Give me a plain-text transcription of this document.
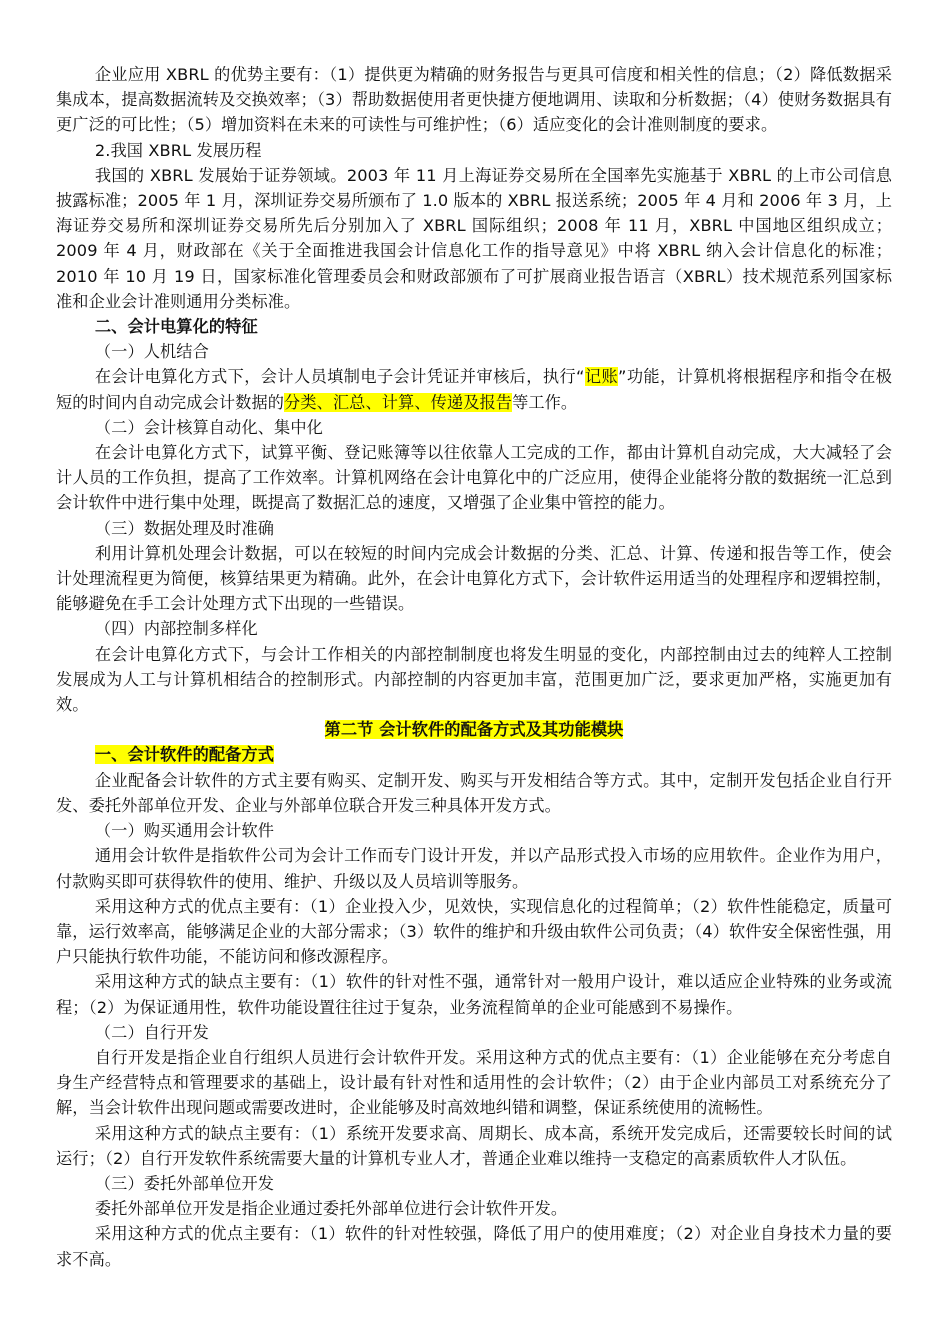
企业应用 XBRL 的优势主要有：（1）提供更为精确的财务报告与更具可信度和相关性的信息；（2）降低数据采集成本，提高数据流转及交换效率；（3）帮助数据使用者更快捷方便地调用、读取和分析数据；（4）使财务数据具有更广泛的可比性；（5）增加资料在未来的可读性与可维护性；（6）适应变化的会计准则制度的要求。

2.我国 XBRL 发展历程

我国的 XBRL 发展始于证券领域。2003 年 11 月上海证券交易所在全国率先实施基于 XBRL 的上市公司信息披露标准；2005 年 1 月，深圳证券交易所颁布了 1.0 版本的 XBRL 报送系统；2005 年 4 月和 2006 年 3 月，上海证券交易所和深圳证券交易所先后分别加入了 XBRL 国际组织；2008 年 11 月，XBRL 中国地区组织成立；2009 年 4 月，财政部在《关于全面推进我国会计信息化工作的指导意见》中将 XBRL 纳入会计信息化的标准；2010 年 10 月 19 日，国家标准化管理委员会和财政部颁布了可扩展商业报告语言（XBRL）技术规范系列国家标准和企业会计准则通用分类标准。

二、会计电算化的特征

（一）人机结合

在会计电算化方式下，会计人员填制电子会计凭证并审核后，执行“记账”功能，计算机将根据程序和指令在极短的时间内自动完成会计数据的分类、汇总、计算、传递及报告等工作。

（二）会计核算自动化、集中化

在会计电算化方式下，试算平衡、登记账簿等以往依靠人工完成的工作，都由计算机自动完成，大大减轻了会计人员的工作负担，提高了工作效率。计算机网络在会计电算化中的广泛应用，使得企业能将分散的数据统一汇总到会计软件中进行集中处理，既提高了数据汇总的速度，又增强了企业集中管控的能力。

（三）数据处理及时准确

利用计算机处理会计数据，可以在较短的时间内完成会计数据的分类、汇总、计算、传递和报告等工作，使会计处理流程更为简便，核算结果更为精确。此外，在会计电算化方式下，会计软件运用适当的处理程序和逻辑控制，能够避免在手工会计处理方式下出现的一些错误。

（四）内部控制多样化

在会计电算化方式下，与会计工作相关的内部控制制度也将发生明显的变化，内部控制由过去的纯粹人工控制发展成为人工与计算机相结合的控制形式。内部控制的内容更加丰富，范围更加广泛，要求更加严格，实施更加有效。

第二节 会计软件的配备方式及其功能模块

一、会计软件的配备方式

企业配备会计软件的方式主要有购买、定制开发、购买与开发相结合等方式。其中，定制开发包括企业自行开发、委托外部单位开发、企业与外部单位联合开发三种具体开发方式。

（一）购买通用会计软件

通用会计软件是指软件公司为会计工作而专门设计开发，并以产品形式投入市场的应用软件。企业作为用户，付款购买即可获得软件的使用、维护、升级以及人员培训等服务。

采用这种方式的优点主要有：（1）企业投入少，见效快，实现信息化的过程简单；（2）软件性能稳定，质量可靠，运行效率高，能够满足企业的大部分需求；（3）软件的维护和升级由软件公司负责；（4）软件安全保密性强，用户只能执行软件功能，不能访问和修改源程序。

采用这种方式的缺点主要有：（1）软件的针对性不强，通常针对一般用户设计，难以适应企业特殊的业务或流程；（2）为保证通用性，软件功能设置往往过于复杂，业务流程简单的企业可能感到不易操作。

（二）自行开发

自行开发是指企业自行组织人员进行会计软件开发。采用这种方式的优点主要有：（1）企业能够在充分考虑自身生产经营特点和管理要求的基础上，设计最有针对性和适用性的会计软件；（2）由于企业内部员工对系统充分了解，当会计软件出现问题或需要改进时，企业能够及时高效地纠错和调整，保证系统使用的流畅性。

采用这种方式的缺点主要有：（1）系统开发要求高、周期长、成本高，系统开发完成后，还需要较长时间的试运行；（2）自行开发软件系统需要大量的计算机专业人才，普通企业难以维持一支稳定的高素质软件人才队伍。

（三）委托外部单位开发

委托外部单位开发是指企业通过委托外部单位进行会计软件开发。

采用这种方式的优点主要有：（1）软件的针对性较强，降低了用户的使用难度；（2）对企业自身技术力量的要求不高。
